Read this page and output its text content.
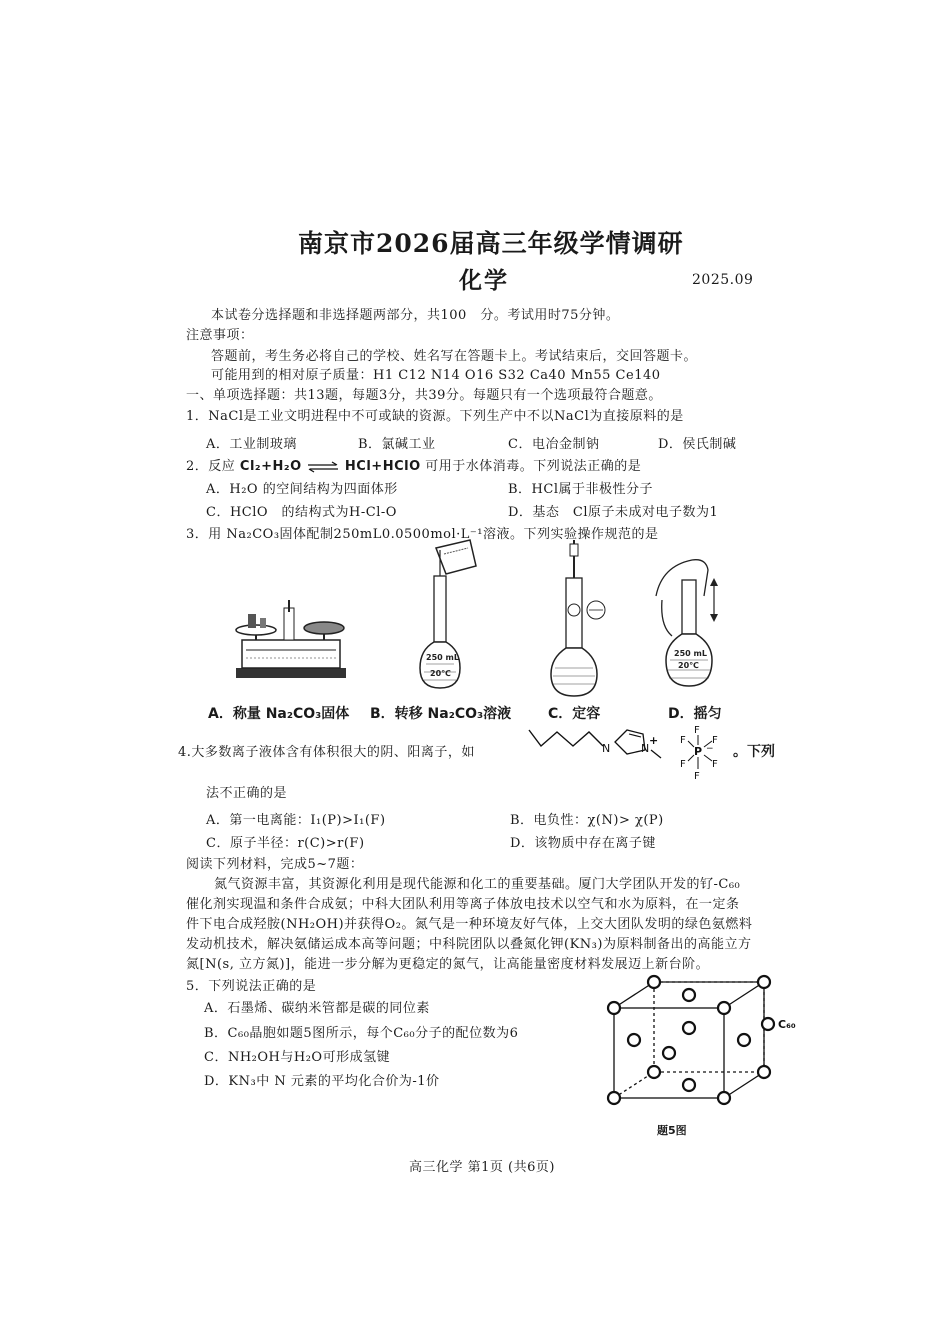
南京市2026届高三年级学情调研
化学	2025.09
本试卷分选择题和非选择题两部分，共100　分。考试用时75分钟。
注意事项：
答题前，考生务必将自己的学校、姓名写在答题卡上。考试结束后，交回答题卡。
可能用到的相对原子质量：H1 C12 N14 O16 S32 Ca40 Mn55 Ce140
一、单项选择题：共13题，每题3分，共39分。每题只有一个选项最符合题意。
1．NaCl是工业文明进程中不可或缺的资源。下列生产中不以NaCl为直接原料的是
A．工业制玻璃	B．氯碱工业	C．电冶金制钠	D．侯氏制碱
2．反应 Cl₂+H₂O ⇌ HCl+HClO 可用于水体消毒。下列说法正确的是
A．H₂O 的空间结构为四面体形	B．HCl属于非极性分子
C．HClO　的结构式为H-Cl-O	D．基态　Cl原子未成对电子数为1
3．用 Na₂CO₃固体配制250mL0.0500mol·L⁻¹溶液。下列实验操作规范的是
250 mL
20℃
250 mL
20℃
A．称量 Na₂CO₃固体 B．转移 Na₂CO₃溶液	C．定容	D．摇匀
4.大多数离子液体含有体积很大的阴、阳离子，如	N	N
+
F
F	F
P −
F	F
F
。下列
法不正确的是
A．第一电离能：I₁(P)>I₁(F)	B．电负性：χ(N)> χ(P)
C．原子半径：r(C)>r(F)	D．该物质中存在离子键
阅读下列材料，完成5~7题：
氮气资源丰富，其资源化利用是现代能源和化工的重要基础。厦门大学团队开发的钌-C₆₀
催化剂实现温和条件合成氨；中科大团队利用等离子体放电技术以空气和水为原料，在一定条
件下电合成羟胺(NH₂OH)并获得O₂。氮气是一种环境友好气体，上交大团队发明的绿色氨燃料
发动机技术，解决氨储运成本高等问题；中科院团队以叠氮化钾(KN₃)为原料制备出的高能立方
氮[N(s, 立方氮)]，能进一步分解为更稳定的氮气，让高能量密度材料发展迈上新台阶。
5．下列说法正确的是
A．石墨烯、碳纳米管都是碳的同位素
B．C₆₀晶胞如题5图所示，每个C₆₀分子的配位数为6
C．NH₂OH与H₂O可形成氢键
D．KN₃中 N 元素的平均化合价为-1价
C₆₀
题5图
高三化学 第1页 (共6页)
